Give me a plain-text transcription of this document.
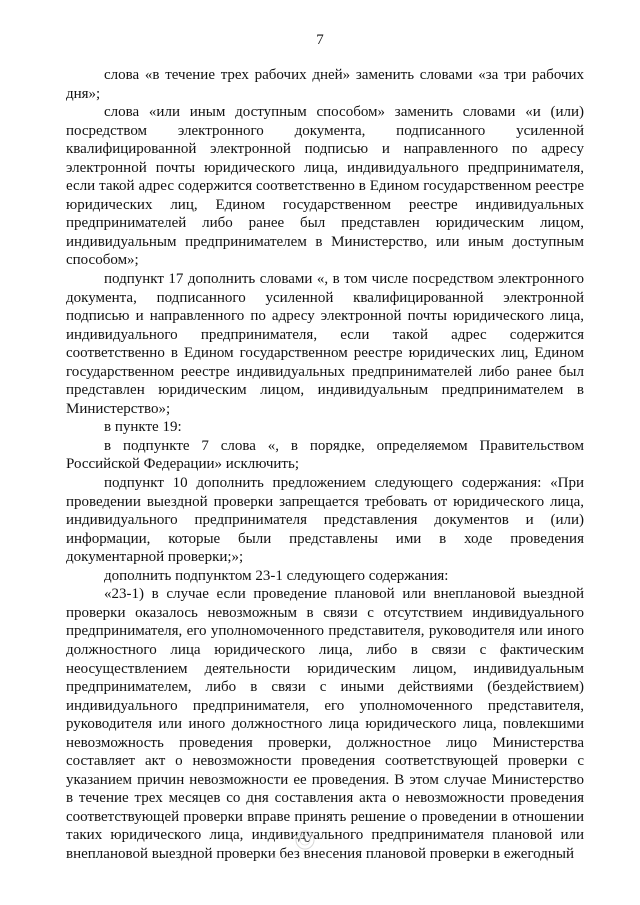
7

слова «в течение трех рабочих дней» заменить словами «за три рабочих дня»;

слова «или иным доступным способом» заменить словами «и (или) посредством электронного документа, подписанного усиленной квалифицированной электронной подписью и направленного по адресу электронной почты юридического лица, индивидуального предпринимателя, если такой адрес содержится соответственно в Едином государственном реестре юридических лиц, Едином государственном реестре индивидуальных предпринимателей либо ранее был представлен юридическим лицом, индивидуальным предпринимателем в Министерство, или иным доступным способом»;

подпункт 17 дополнить словами «, в том числе посредством электронного документа, подписанного усиленной квалифицированной электронной подписью и направленного по адресу электронной почты юридического лица, индивидуального предпринимателя, если такой адрес содержится соответственно в Едином государственном реестре юридических лиц, Едином государственном реестре индивидуальных предпринимателей либо ранее был представлен юридическим лицом, индивидуальным предпринимателем в Министерство»;

в пункте 19:

в подпункте 7 слова «, в порядке, определяемом Правительством Российской Федерации» исключить;

подпункт 10 дополнить предложением следующего содержания: «При проведении выездной проверки запрещается требовать от юридического лица, индивидуального предпринимателя представления документов и (или) информации, которые были представлены ими в ходе проведения документарной проверки;»;

дополнить подпунктом 23-1 следующего содержания:

«23-1) в случае если проведение плановой или внеплановой выездной проверки оказалось невозможным в связи с отсутствием индивидуального предпринимателя, его уполномоченного представителя, руководителя или иного должностного лица юридического лица, либо в связи с фактическим неосуществлением деятельности юридическим лицом, индивидуальным предпринимателем, либо в связи с иными действиями (бездействием) индивидуального предпринимателя, его уполномоченного представителя, руководителя или иного должностного лица юридического лица, повлекшими невозможность проведения проверки, должностное лицо Министерства составляет акт о невозможности проведения соответствующей проверки с указанием причин невозможности ее проведения. В этом случае Министерство в течение трех месяцев со дня составления акта о невозможности проведения соответствующей проверки вправе принять решение о проведении в отношении таких юридического лица, индивидуального предпринимателя плановой или внеплановой выездной проверки без внесения плановой проверки в ежегодный
